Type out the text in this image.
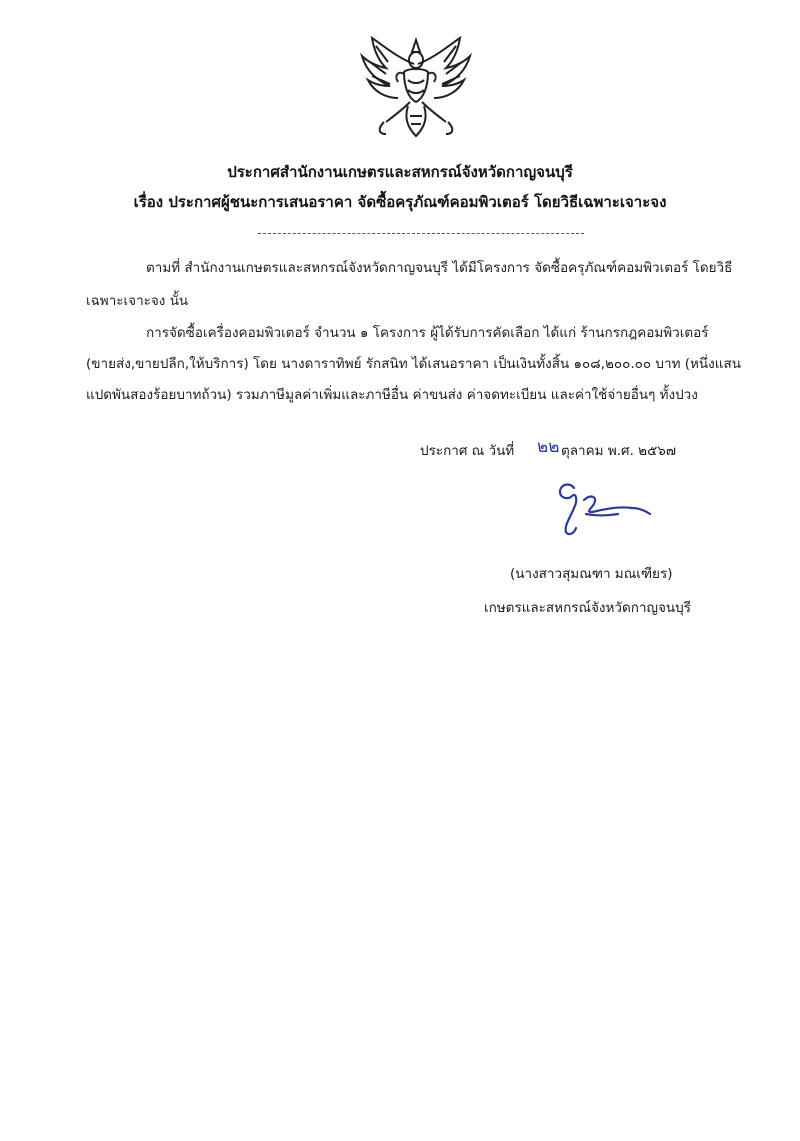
ประกาศสำนักงานเกษตรและสหกรณ์จังหวัดกาญจนบุรี
เรื่อง ประกาศผู้ชนะการเสนอราคา จัดซื้อครุภัณฑ์คอมพิวเตอร์ โดยวิธีเฉพาะเจาะจง
ตามที่ สำนักงานเกษตรและสหกรณ์จังหวัดกาญจนบุรี ได้มีโครงการ จัดซื้อครุภัณฑ์คอมพิวเตอร์ โดยวิธี
เฉพาะเจาะจง นั้น
การจัดซื้อเครื่องคอมพิวเตอร์ จำนวน ๑ โครงการ ผู้ได้รับการคัดเลือก ได้แก่ ร้านกรกฎคอมพิวเตอร์
(ขายส่ง,ขายปลีก,ให้บริการ) โดย นางดาราทิพย์ รักสนิท ได้เสนอราคา เป็นเงินทั้งสิ้น ๑๐๘,๒๐๐.๐๐ บาท (หนึ่งแสน
แปดพันสองร้อยบาทถ้วน) รวมภาษีมูลค่าเพิ่มและภาษีอื่น ค่าขนส่ง ค่าจดทะเบียน และค่าใช้จ่ายอื่นๆ ทั้งปวง
ประกาศ ณ วันที่ ๒๒ ตุลาคม พ.ศ. ๒๕๖๗
(นางสาวสุมณฑา มณเฑียร)
เกษตรและสหกรณ์จังหวัดกาญจนบุรี
